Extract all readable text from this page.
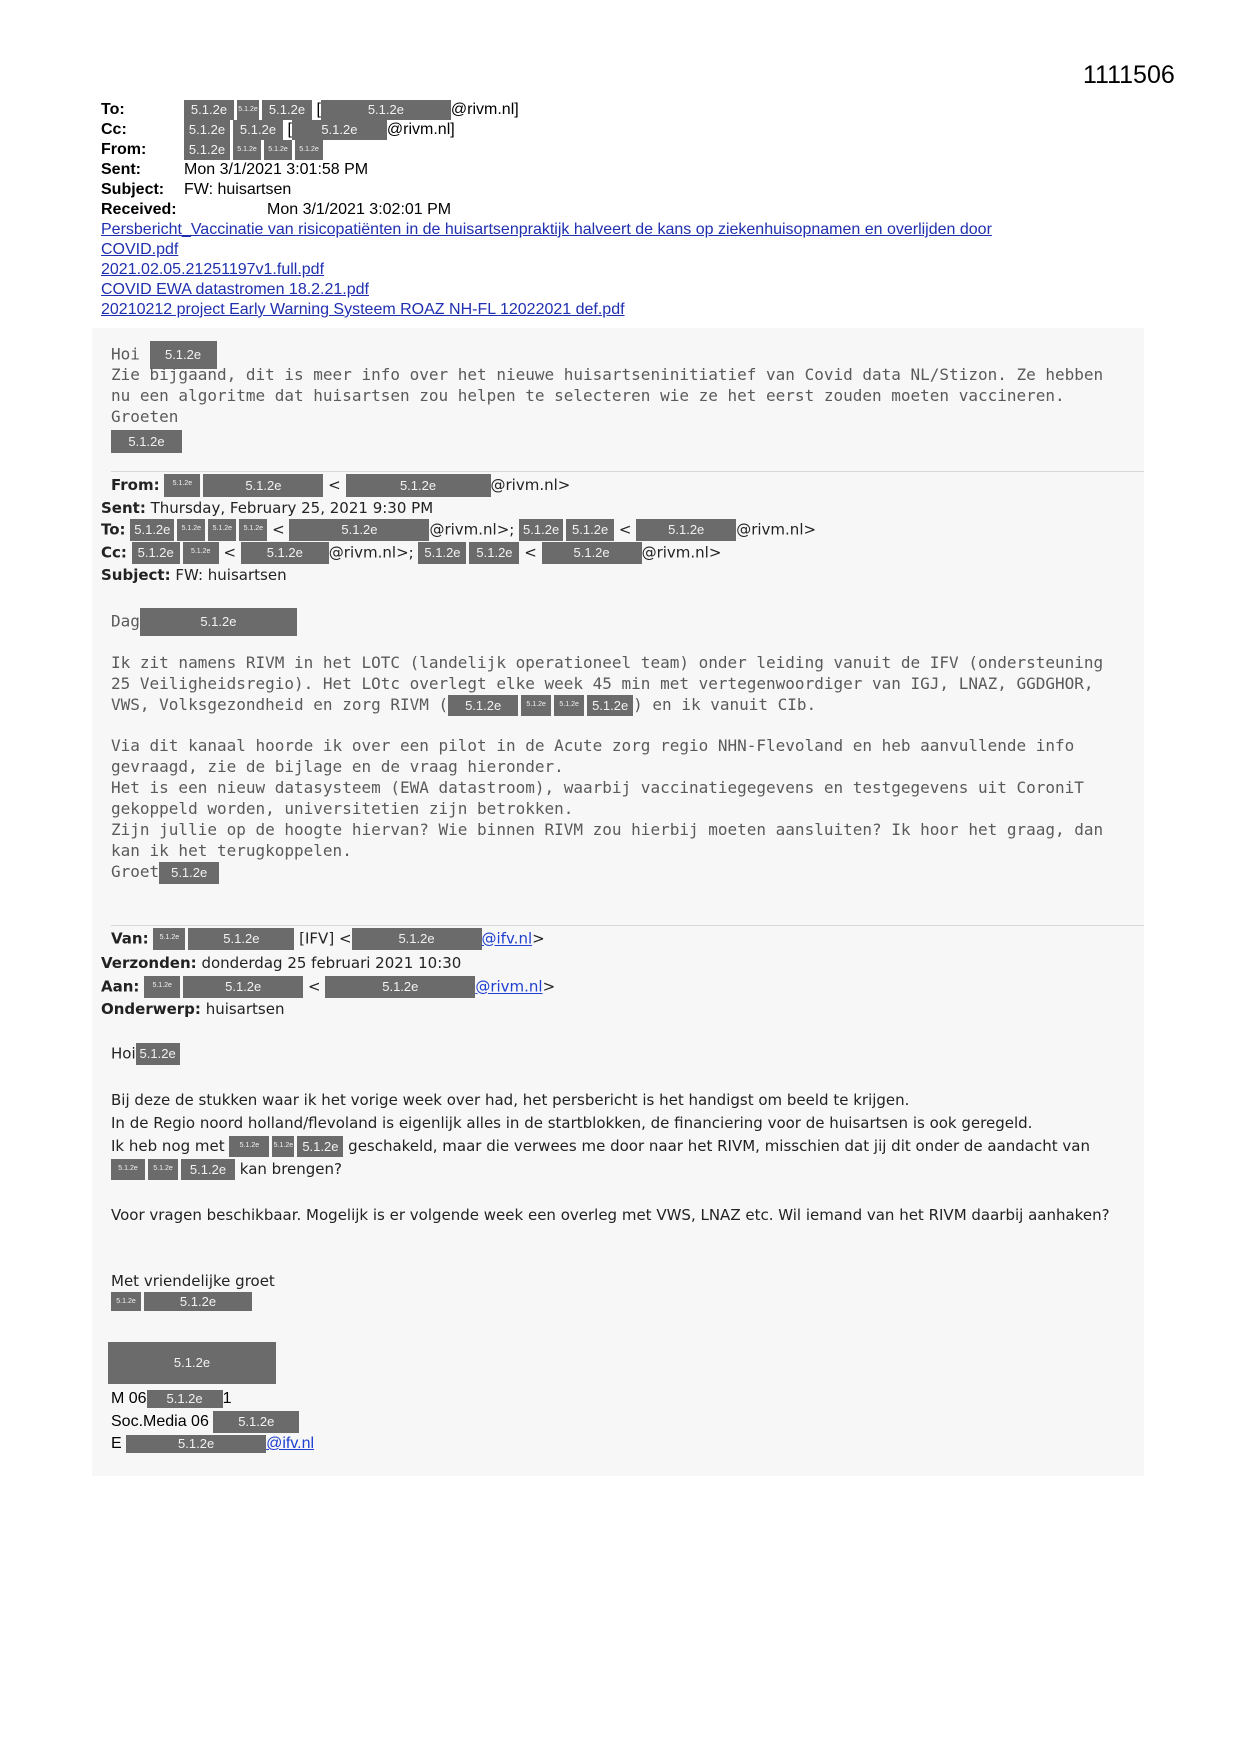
1111506
To:	5.1.2e 5.1.2e 5.1.2e [	5.1.2e	@rivm.nl]
Cc:	5.1.2e 5.1.2e [ 5.1.2e @rivm.nl]
From:	5.1.2e 5.1.2e 5.1.2e 5.1.2e
Sent:	Mon 3/1/2021 3:01:58 PM
Subject: FW: huisartsen
Received:	Mon 3/1/2021 3:02:01 PM
Persbericht_Vaccinatie van risicopatiënten in de huisartsenpraktijk halveert de kans op ziekenhuisopnamen en overlijden door
COVID.pdf
2021.02.05.21251197v1.full.pdf
COVID EWA datastromen 18.2.21.pdf
20210212 project Early Warning Systeem ROAZ NH-FL 12022021 def.pdf
Hoi 5.1.2e
Zie bijgaand, dit is meer info over het nieuwe huisartseninitiatief van Covid data NL/Stizon. Ze hebben nu een algoritme dat huisartsen zou helpen te selecteren wie ze het eerst zouden moeten vaccineren.
Groeten
5.1.2e
From: 5.1.2e	5.1.2e	<	5.1.2e	@rivm.nl>
Sent: Thursday, February 25, 2021 9:30 PM
To: 5.1.2e 5.1.2e 5.1.2e 5.1.2e <	5.1.2e	@rivm.nl>; 5.1.2e 5.1.2e < 5.1.2e @rivm.nl>
Cc: 5.1.2e 5.1.2e < 5.1.2e @rivm.nl>; 5.1.2e 5.1.2e < 5.1.2e @rivm.nl>
Subject: FW: huisartsen
Dag	5.1.2e
Ik zit namens RIVM in het LOTC (landelijk operationeel team) onder leiding vanuit de IFV (ondersteuning 25 Veiligheidsregio). Het LOtc overlegt elke week 45 min met vertegenwoordiger van IGJ, LNAZ, GGDGHOR, VWS, Volksgezondheid en zorg RIVM ( 5.1.2e	5.1.2e 5.1.2e 5.1.2e ) en ik vanuit CIb.
Via dit kanaal hoorde ik over een pilot in de Acute zorg regio NHN-Flevoland en heb aanvullende info gevraagd, zie de bijlage en de vraag hieronder.
Het is een nieuw datasysteem (EWA datastroom), waarbij vaccinatiegegevens en testgegevens uit CoroniT gekoppeld worden, universitetien zijn betrokken.
Zijn jullie op de hoogte hiervan? Wie binnen RIVM zou hierbij moeten aansluiten? Ik hoor het graag, dan kan ik het terugkoppelen.
Groet 5.1.2e
Van: 5.1.2e	5.1.2e	[IFV] <	5.1.2e	@ifv.nl>
Verzonden: donderdag 25 februari 2021 10:30
Aan: 5.1.2e	5.1.2e	<	5.1.2e	@rivm.nl>
Onderwerp: huisartsen
Hoi 5.1.2e
Bij deze de stukken waar ik het vorige week over had, het persbericht is het handigst om beeld te krijgen.
In de Regio noord holland/flevoland is eigenlijk alles in de startblokken, de financiering voor de huisartsen is ook geregeld.
Ik heb nog met 5.1.2e 5.1.2e 5.1.2e geschakeld, maar die verwees me door naar het RIVM, misschien dat jij dit onder de aandacht van
5.1.2e 5.1.2e 5.1.2e kan brengen?
Voor vragen beschikbaar. Mogelijk is er volgende week een overleg met VWS, LNAZ etc. Wil iemand van het RIVM daarbij aanhaken?
Met vriendelijke groet
5.1.2e	5.1.2e
5.1.2e
M 06 5.1.2e 1
Soc.Media 06 5.1.2e
E	5.1.2e	@ifv.nl
